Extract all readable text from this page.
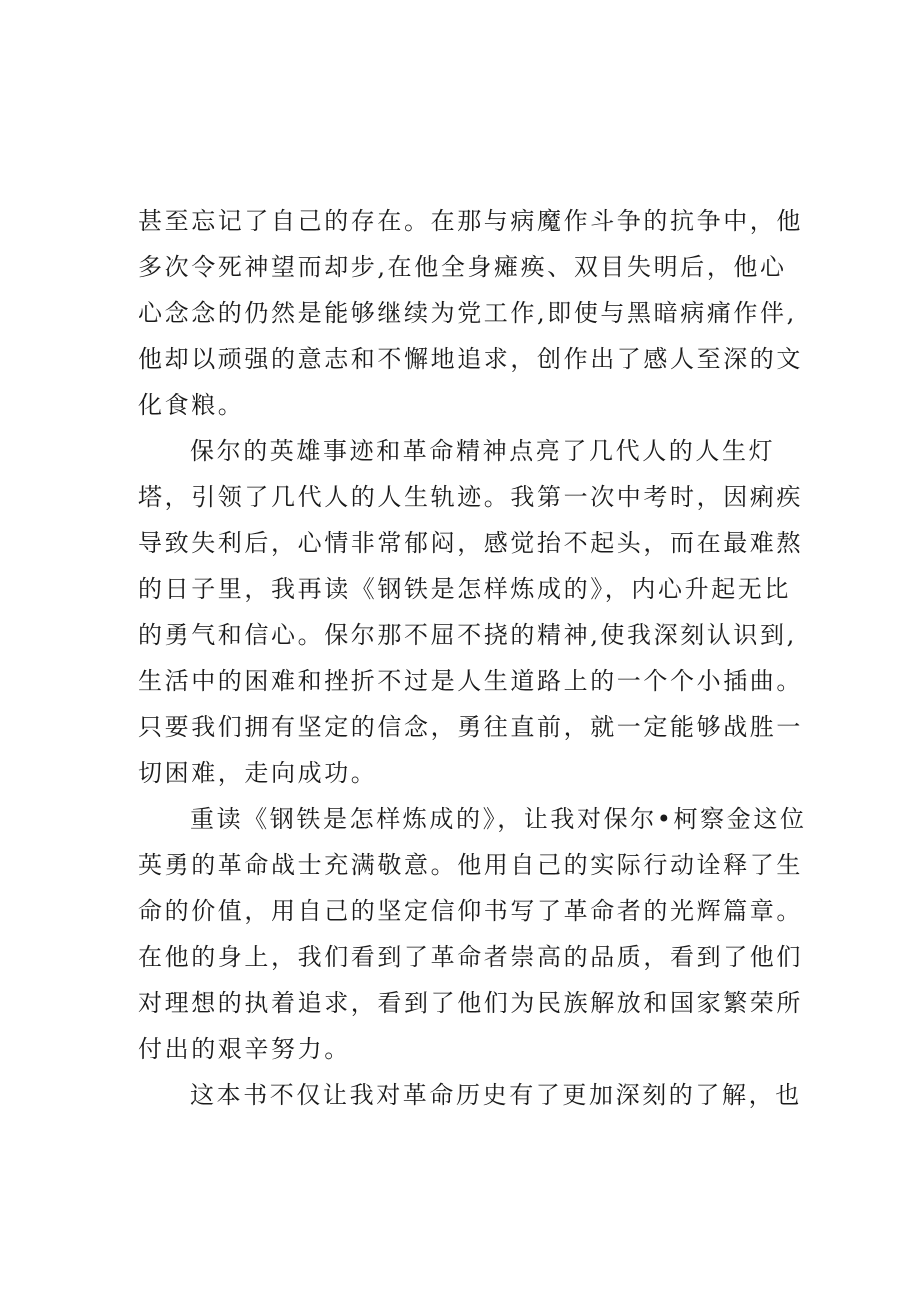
甚至忘记了自己的存在。在那与病魔作斗争的抗争中，他
多次令死神望而却步,在他全身瘫痪、双目失明后，他心
心念念的仍然是能够继续为党工作,即使与黑暗病痛作伴,
他却以顽强的意志和不懈地追求，创作出了感人至深的文
化食粮。
保尔的英雄事迹和革命精神点亮了几代人的人生灯
塔，引领了几代人的人生轨迹。我第一次中考时，因痢疾
导致失利后，心情非常郁闷，感觉抬不起头，而在最难熬
的日子里，我再读《钢铁是怎样炼成的》，内心升起无比
的勇气和信心。保尔那不屈不挠的精神,使我深刻认识到,
生活中的困难和挫折不过是人生道路上的一个个小插曲。
只要我们拥有坚定的信念，勇往直前，就一定能够战胜一
切困难，走向成功。
重读《钢铁是怎样炼成的》，让我对保尔•柯察金这位
英勇的革命战士充满敬意。他用自己的实际行动诠释了生
命的价值，用自己的坚定信仰书写了革命者的光辉篇章。
在他的身上，我们看到了革命者崇高的品质，看到了他们
对理想的执着追求，看到了他们为民族解放和国家繁荣所
付出的艰辛努力。
这本书不仅让我对革命历史有了更加深刻的了解，也
